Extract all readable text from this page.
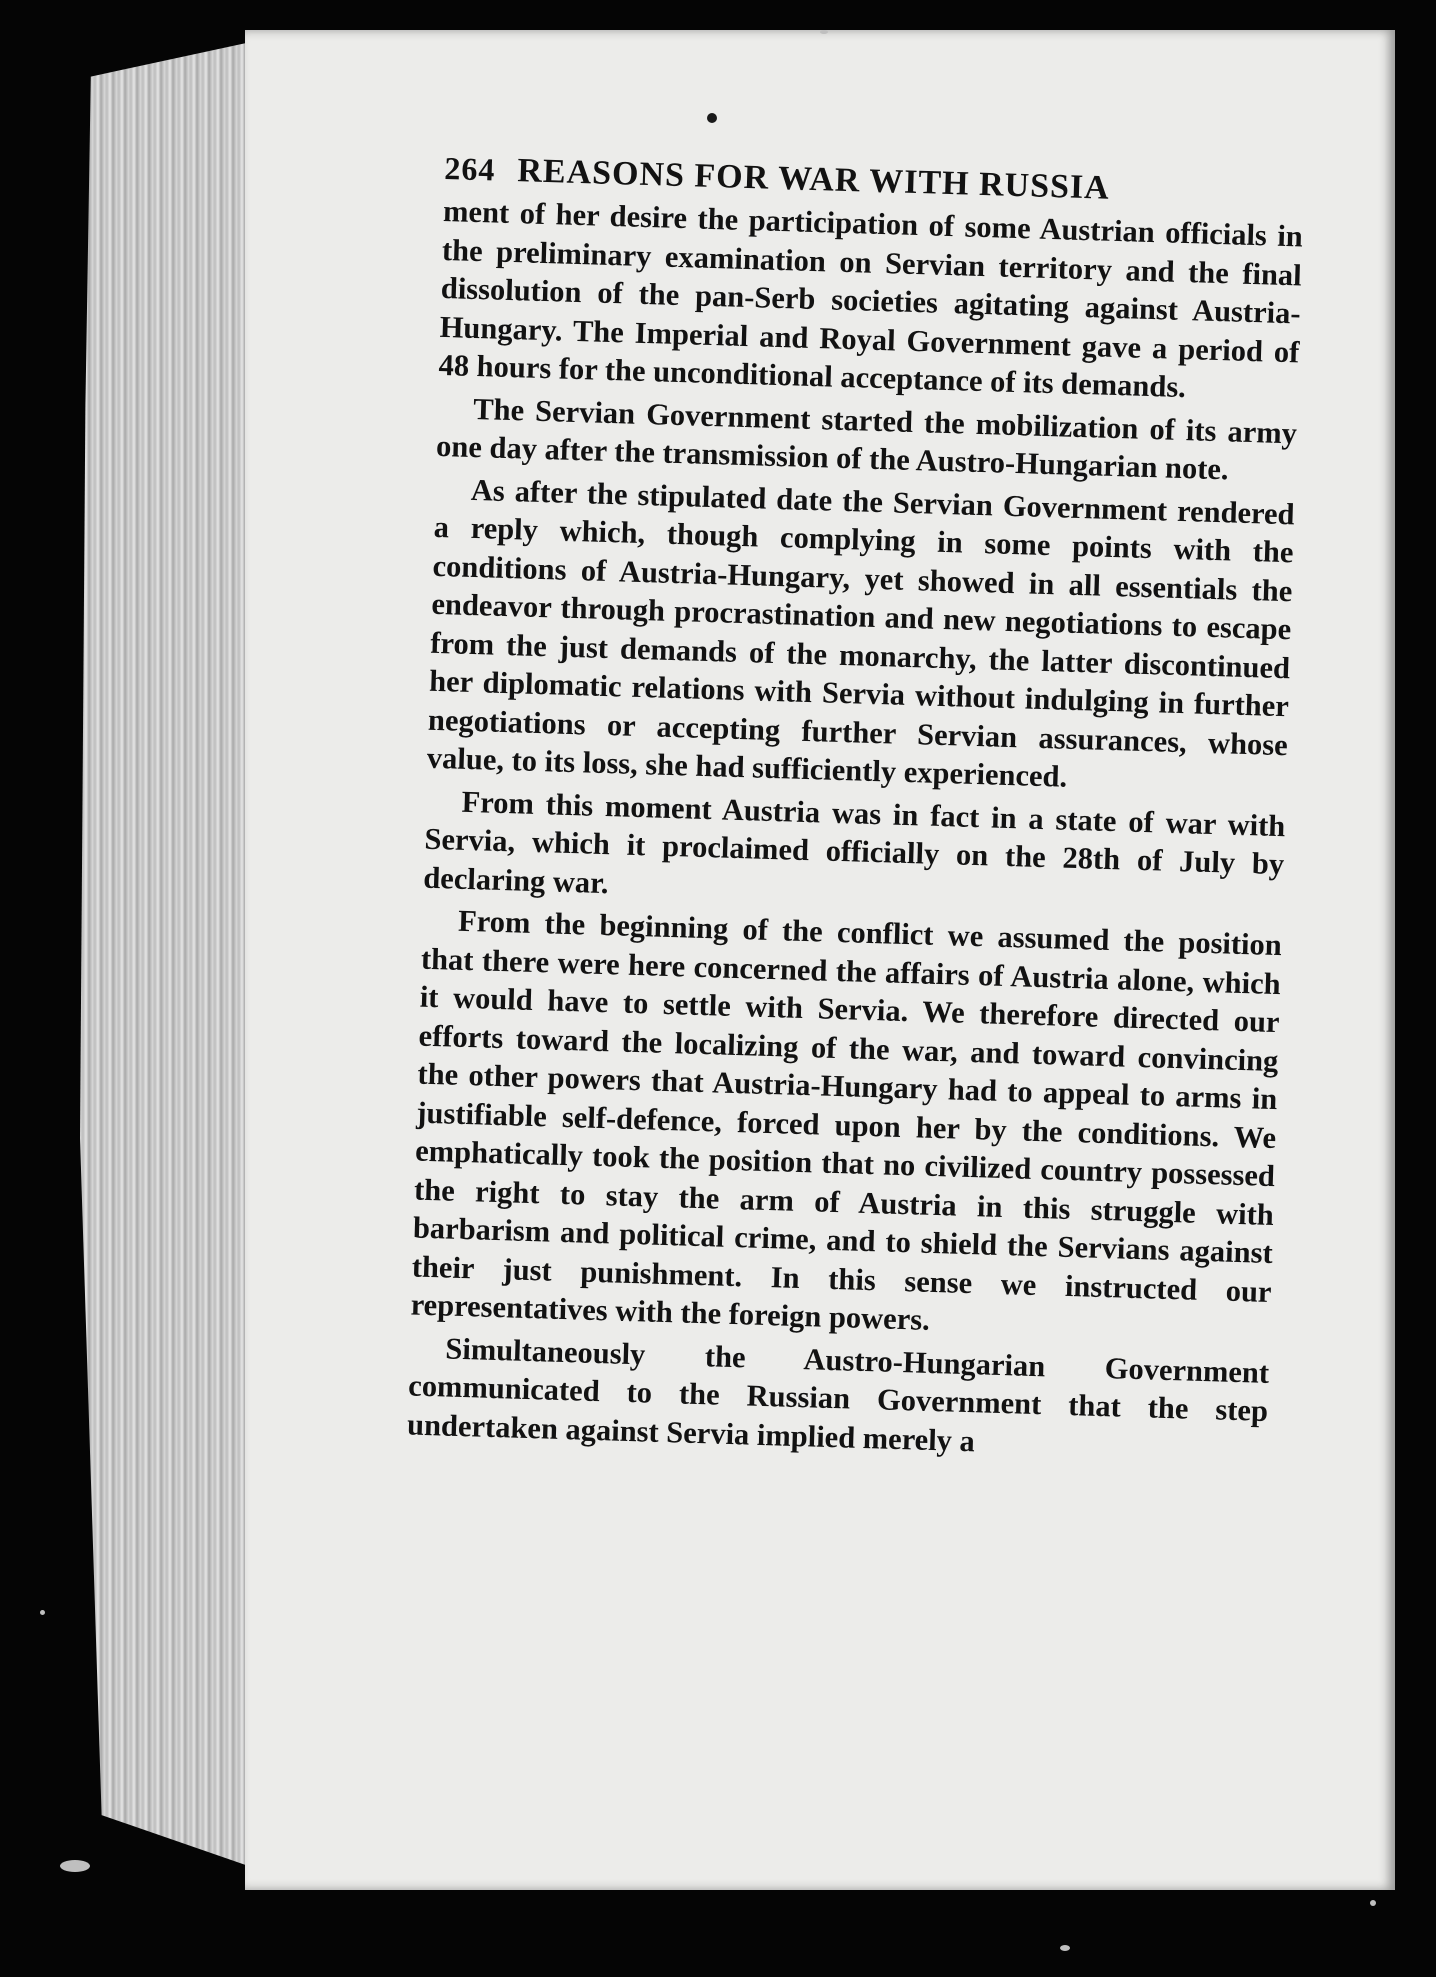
264 REASONS FOR WAR WITH RUSSIA

ment of her desire the participation of some Austrian officials in the preliminary examination on Servian territory and the final dissolution of the pan-Serb societies agitating against Austria-Hungary. The Imperial and Royal Government gave a period of 48 hours for the unconditional acceptance of its demands.

The Servian Government started the mobilization of its army one day after the transmission of the Austro-Hungarian note.

As after the stipulated date the Servian Government rendered a reply which, though complying in some points with the conditions of Austria-Hungary, yet showed in all essentials the endeavor through procrastination and new negotiations to escape from the just demands of the monarchy, the latter discontinued her diplomatic relations with Servia without indulging in further negotiations or accepting further Servian assurances, whose value, to its loss, she had sufficiently experienced.

From this moment Austria was in fact in a state of war with Servia, which it proclaimed officially on the 28th of July by declaring war.

From the beginning of the conflict we assumed the position that there were here concerned the affairs of Austria alone, which it would have to settle with Servia. We therefore directed our efforts toward the localizing of the war, and toward convincing the other powers that Austria-Hungary had to appeal to arms in justifiable self-defence, forced upon her by the conditions. We emphatically took the position that no civilized country possessed the right to stay the arm of Austria in this struggle with barbarism and political crime, and to shield the Servians against their just punishment. In this sense we instructed our representatives with the foreign powers.

Simultaneously the Austro-Hungarian Government communicated to the Russian Government that the step undertaken against Servia implied merely a
